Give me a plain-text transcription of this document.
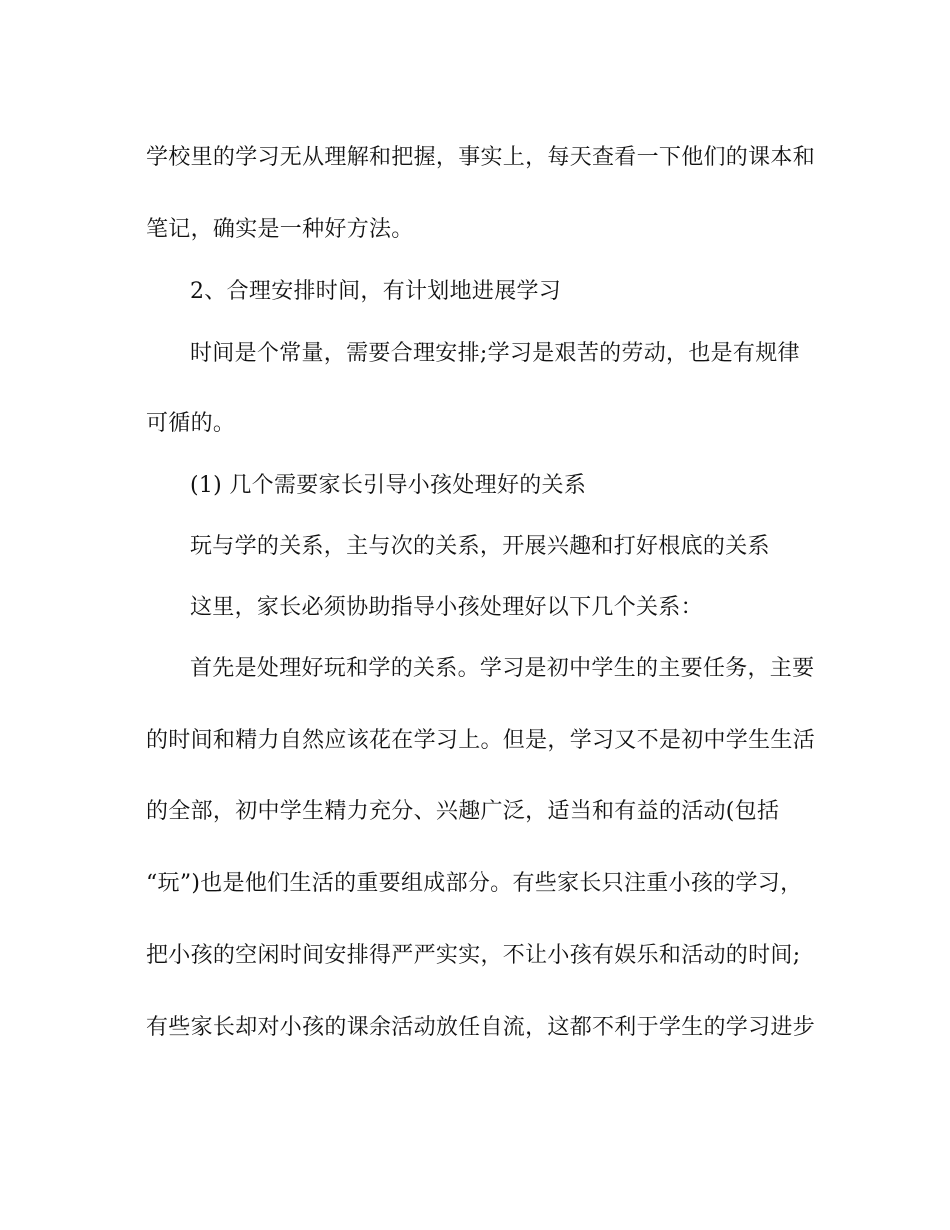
学校里的学习无从理解和把握，事实上，每天查看一下他们的课本和
笔记，确实是一种好方法。
2、合理安排时间，有计划地进展学习
时间是个常量，需要合理安排;学习是艰苦的劳动，也是有规律
可循的。
(1) 几个需要家长引导小孩处理好的关系
玩与学的关系，主与次的关系，开展兴趣和打好根底的关系
这里，家长必须协助指导小孩处理好以下几个关系：
首先是处理好玩和学的关系。学习是初中学生的主要任务，主要
的时间和精力自然应该花在学习上。但是，学习又不是初中学生生活
的全部，初中学生精力充分、兴趣广泛，适当和有益的活动(包括
“玩”)也是他们生活的重要组成部分。有些家长只注重小孩的学习，
把小孩的空闲时间安排得严严实实，不让小孩有娱乐和活动的时间;
有些家长却对小孩的课余活动放任自流，这都不利于学生的学习进步
